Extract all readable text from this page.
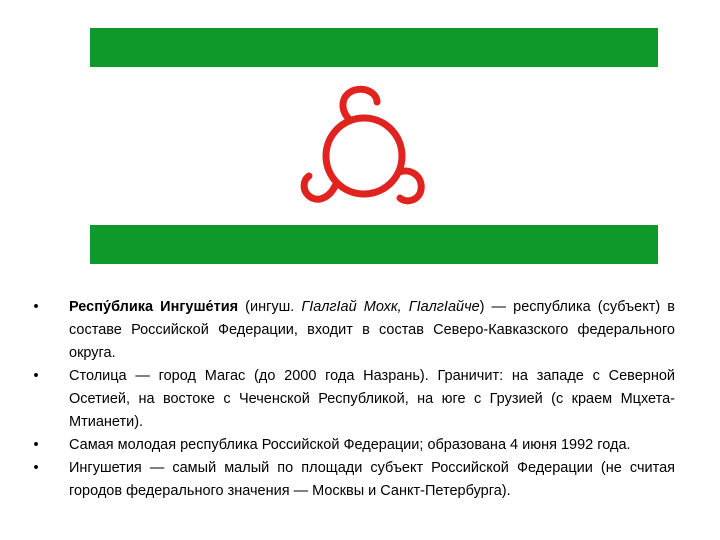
• Респу́блика Ингуше́тия (ингуш. ГIалгIай Мохк, ГIалгIайче) — республика (субъект) в составе Российской Федерации, входит в состав Северо-Кавказского федерального округа.
• Столица — город Магас (до 2000 года Назрань). Граничит: на западе с Северной Осетией, на востоке с Чеченской Республикой, на юге с Грузией (с краем Мцхета-Мтианети).
• Самая молодая республика Российской Федерации; образована 4 июня 1992 года.
• Ингушетия — самый малый по площади субъект Российской Федерации (не считая городов федерального значения — Москвы и Санкт-Петербурга).
